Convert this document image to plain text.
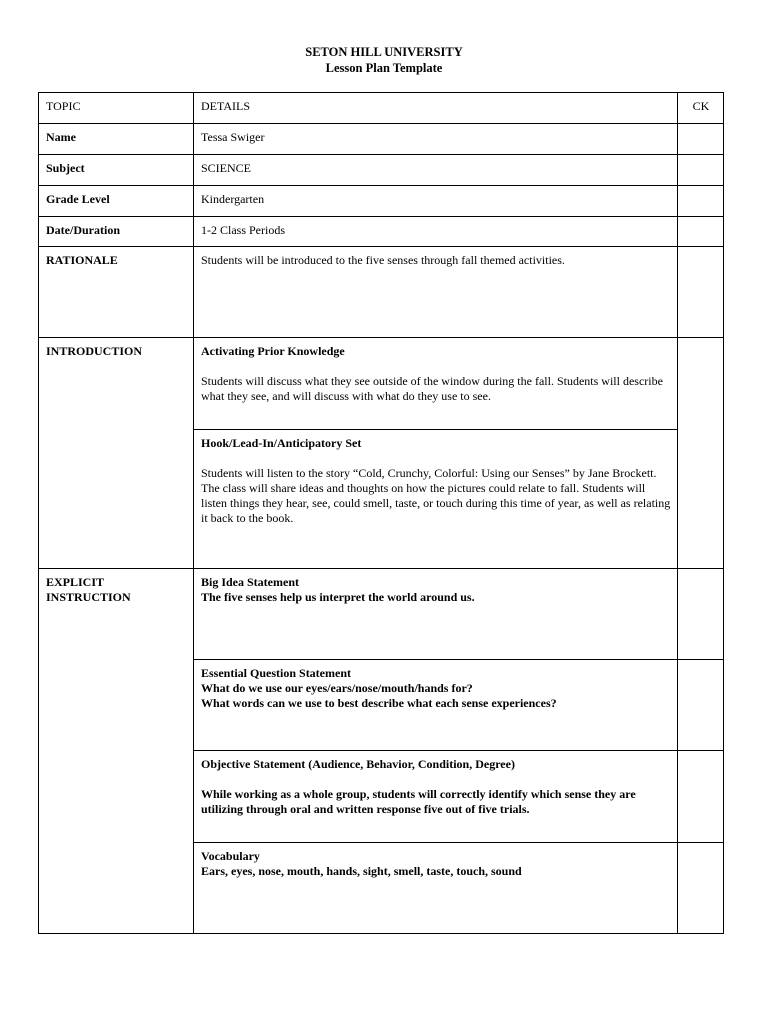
SETON HILL UNIVERSITY
Lesson Plan Template
TOPIC	DETAILS	CK
Name	Tessa Swiger	
Subject	SCIENCE	
Grade Level	Kindergarten	
Date/Duration	1-2 Class Periods	
RATIONALE	Students will be introduced to the five senses through fall themed activities.	
INTRODUCTION	Activating Prior Knowledge

Students will discuss what they see outside of the window during the fall. Students will describe what they see, and will discuss with what do they use to see.	

	Hook/Lead-In/Anticipatory Set

Students will listen to the story “Cold, Crunchy, Colorful: Using our Senses” by Jane Brockett. The class will share ideas and thoughts on how the pictures could relate to fall. Students will listen things they hear, see, could smell, taste, or touch during this time of year, as well as relating it back to the book.	

EXPLICIT INSTRUCTION	Big Idea Statement

The five senses help us interpret the world around us.	

	Essential Question Statement

What do we use our eyes/ears/nose/mouth/hands for?

What words can we use to best describe what each sense experiences?	

	Objective Statement (Audience, Behavior, Condition, Degree)

While working as a whole group, students will correctly identify which sense they are utilizing through oral and written response five out of five trials.	

	Vocabulary

Ears, eyes, nose, mouth, hands, sight, smell, taste, touch, sound	
